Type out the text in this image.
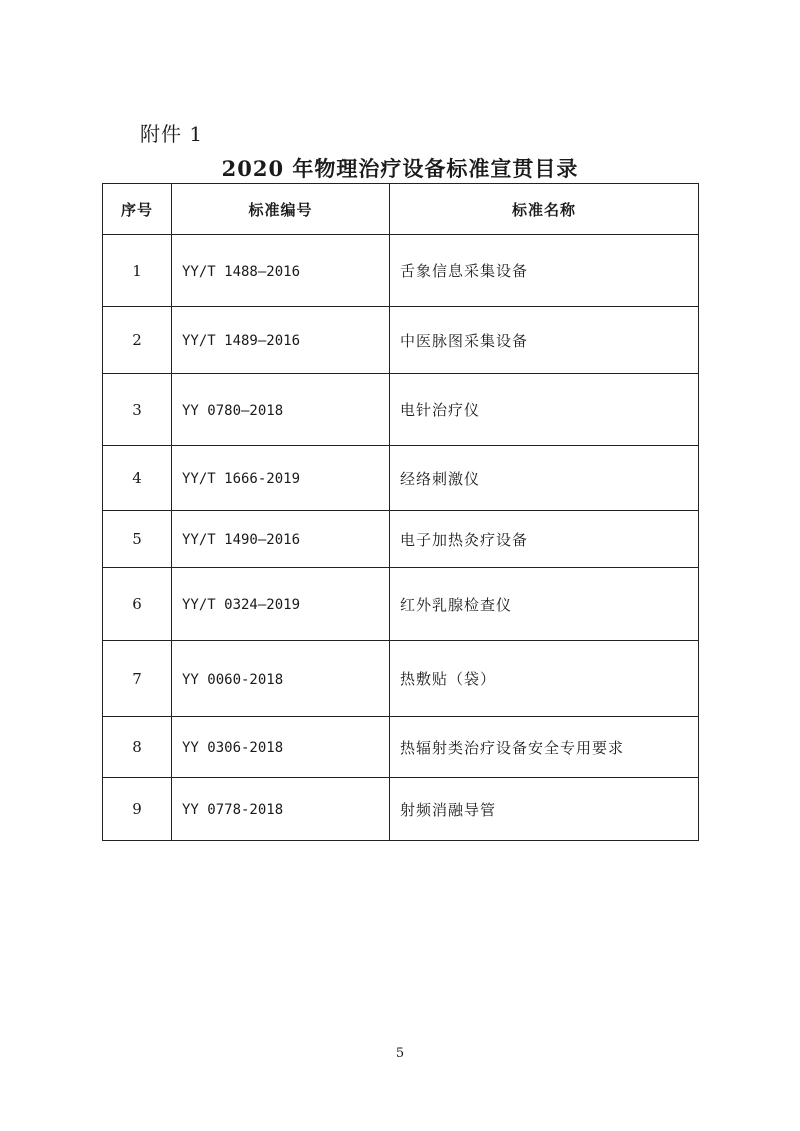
附件 1
2020 年物理治疗设备标准宣贯目录
序号	标准编号	标准名称
1	YY/T 1488—2016	舌象信息采集设备
2	YY/T 1489—2016	中医脉图采集设备
3	YY 0780—2018	电针治疗仪
4	YY/T 1666-2019	经络刺激仪
5	YY/T 1490—2016	电子加热灸疗设备
6	YY/T 0324—2019	红外乳腺检查仪
7	YY 0060-2018	热敷贴（袋）
8	YY 0306-2018	热辐射类治疗设备安全专用要求
9	YY 0778-2018	射频消融导管
5
